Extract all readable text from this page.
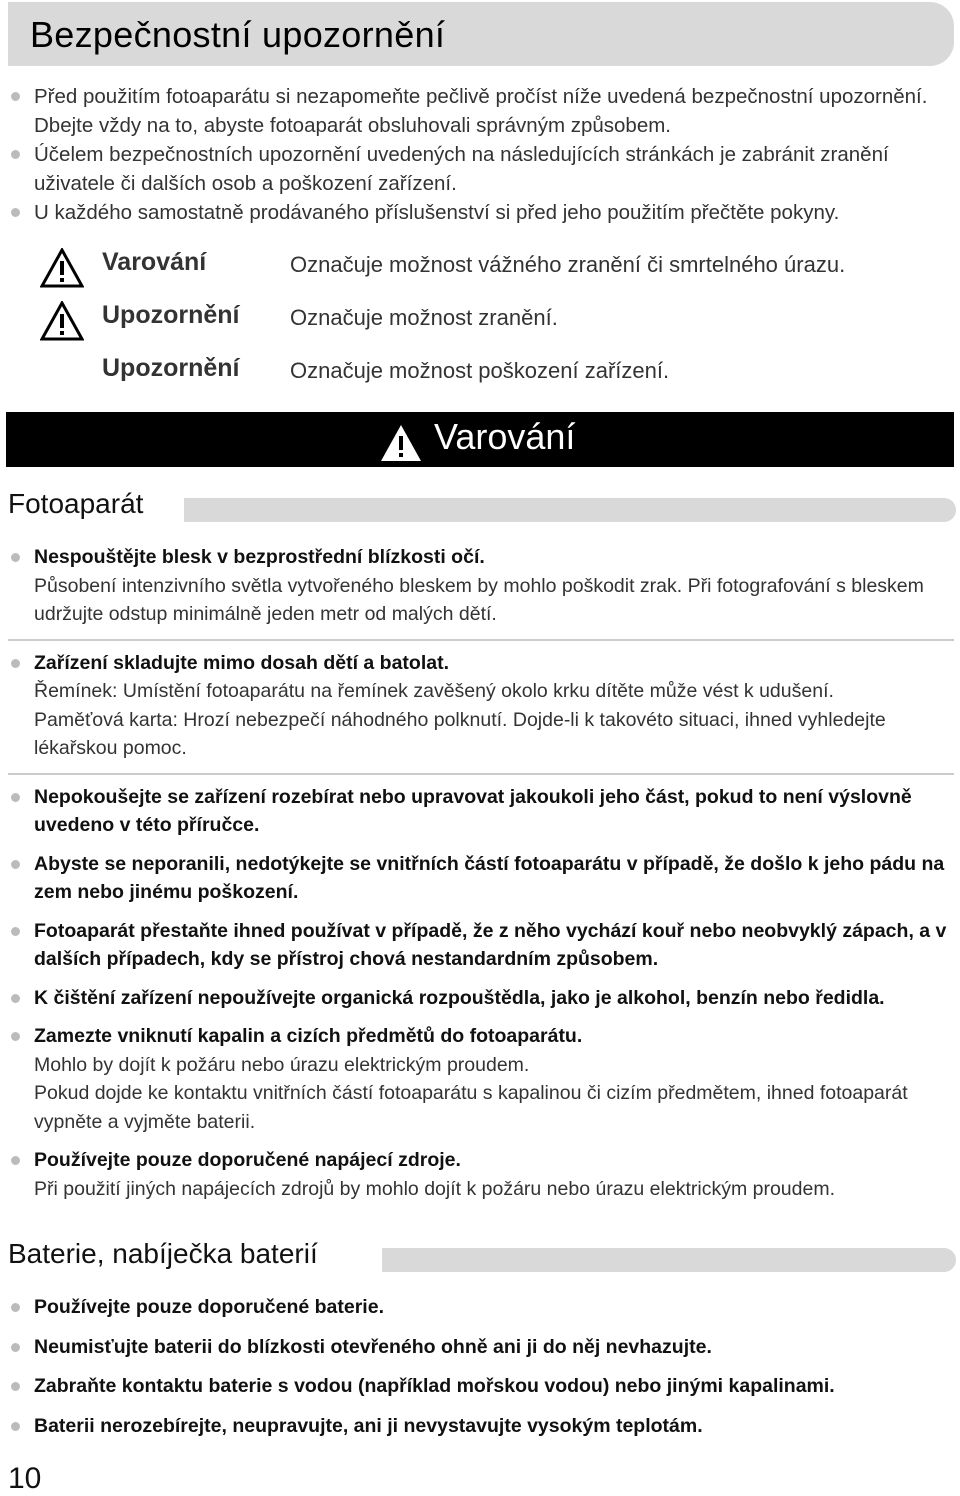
Bezpečnostní upozornění
Před použitím fotoaparátu si nezapomeňte pečlivě pročíst níže uvedená bezpečnostní upozornění. Dbejte vždy na to, abyste fotoaparát obsluhovali správným způsobem.
Účelem bezpečnostních upozornění uvedených na následujících stránkách je zabránit zranění uživatele či dalších osob a poškození zařízení.
U každého samostatně prodávaného příslušenství si před jeho použitím přečtěte pokyny.
Varování	Označuje možnost vážného zranění či smrtelného úrazu.
Upozornění Označuje možnost zranění.
Upozornění Označuje možnost poškození zařízení.
Varování
Fotoaparát
Nespouštějte blesk v bezprostřední blízkosti očí.
Působení intenzivního světla vytvořeného bleskem by mohlo poškodit zrak. Při fotografování s bleskem udržujte odstup minimálně jeden metr od malých dětí.
Zařízení skladujte mimo dosah dětí a batolat.
Řemínek: Umístění fotoaparátu na řemínek zavěšený okolo krku dítěte může vést k udušení.
Paměťová karta: Hrozí nebezpečí náhodného polknutí. Dojde-li k takovéto situaci, ihned vyhledejte lékařskou pomoc.
Nepokoušejte se zařízení rozebírat nebo upravovat jakoukoli jeho část, pokud to není výslovně uvedeno v této příručce.
Abyste se neporanili, nedotýkejte se vnitřních částí fotoaparátu v případě, že došlo k jeho pádu na zem nebo jinému poškození.
Fotoaparát přestaňte ihned používat v případě, že z něho vychází kouř nebo neobvyklý zápach, a v dalších případech, kdy se přístroj chová nestandardním způsobem.
K čištění zařízení nepoužívejte organická rozpouštědla, jako je alkohol, benzín nebo ředidla.
Zamezte vniknutí kapalin a cizích předmětů do fotoaparátu.
Mohlo by dojít k požáru nebo úrazu elektrickým proudem.
Pokud dojde ke kontaktu vnitřních částí fotoaparátu s kapalinou či cizím předmětem, ihned fotoaparát vypněte a vyjměte baterii.
Používejte pouze doporučené napájecí zdroje.
Při použití jiných napájecích zdrojů by mohlo dojít k požáru nebo úrazu elektrickým proudem.
Baterie, nabíječka baterií
Používejte pouze doporučené baterie.
Neumisťujte baterii do blízkosti otevřeného ohně ani ji do něj nevhazujte.
Zabraňte kontaktu baterie s vodou (například mořskou vodou) nebo jinými kapalinami.
Baterii nerozebírejte, neupravujte, ani ji nevystavujte vysokým teplotám.
10
